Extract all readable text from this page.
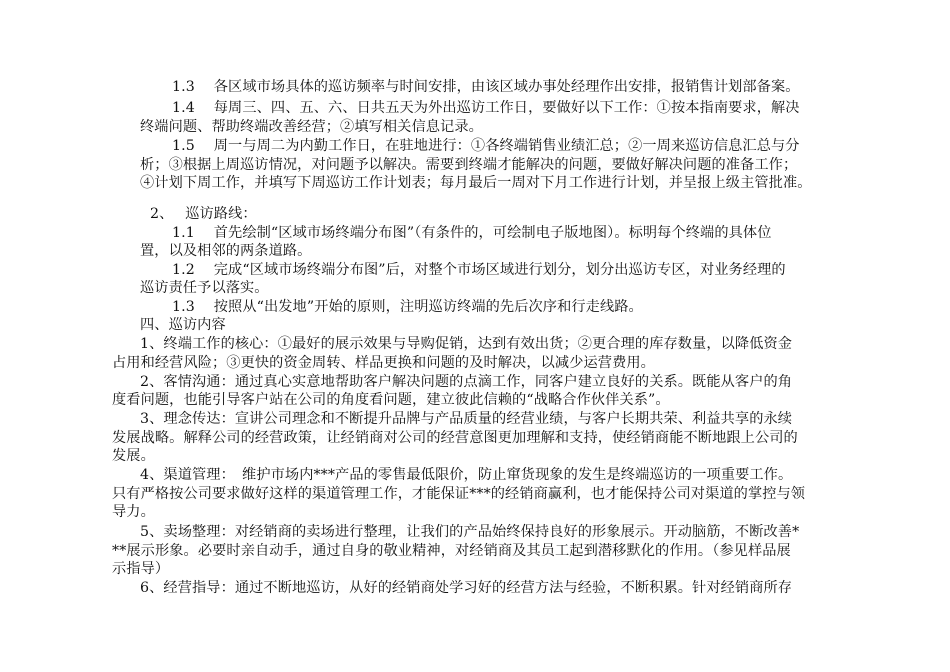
1.3　 各区域市场具体的巡访频率与时间安排，由该区域办事处经理作出安排，报销售计划部备案。
1.4　 每周三、四、五、六、日共五天为外出巡访工作日，要做好以下工作：①按本指南要求，解决
终端问题、帮助终端改善经营；②填写相关信息记录。
1.5　 周一与周二为内勤工作日，在驻地进行：①各终端销售业绩汇总；②一周来巡访信息汇总与分
析；③根据上周巡访情况，对问题予以解决。需要到终端才能解决的问题，要做好解决问题的准备工作；
④计划下周工作，并填写下周巡访工作计划表；每月最后一周对下月工作进行计划，并呈报上级主管批准。
2、　 巡访路线：
1.1　 首先绘制“区域市场终端分布图”（有条件的，可绘制电子版地图）。标明每个终端的具体位
置，以及相邻的两条道路。
1.2　 完成“区域市场终端分布图”后，对整个市场区域进行划分，划分出巡访专区，对业务经理的
巡访责任予以落实。
1.3　 按照从“出发地”开始的原则，注明巡访终端的先后次序和行走线路。
四、巡访内容
1、终端工作的核心：①最好的展示效果与导购促销，达到有效出货；②更合理的库存数量，以降低资金
占用和经营风险；③更快的资金周转、样品更换和问题的及时解决，以减少运营费用。
2、客情沟通：通过真心实意地帮助客户解决问题的点滴工作，同客户建立良好的关系。既能从客户的角
度看问题，也能引导客户站在公司的角度看问题，建立彼此信赖的“战略合作伙伴关系”。
3、理念传达：宣讲公司理念和不断提升品牌与产品质量的经营业绩，与客户长期共荣、利益共享的永续
发展战略。解释公司的经营政策，让经销商对公司的经营意图更加理解和支持，使经销商能不断地跟上公司的
发展。
4、渠道管理：　维护市场内***产品的零售最低限价，防止窜货现象的发生是终端巡访的一项重要工作。
只有严格按公司要求做好这样的渠道管理工作，才能保证***的经销商赢利，也才能保持公司对渠道的掌控与领
导力。
5、卖场整理：对经销商的卖场进行整理，让我们的产品始终保持良好的形象展示。开动脑筋，不断改善*
**展示形象。必要时亲自动手，通过自身的敬业精神，对经销商及其员工起到潜移默化的作用。（参见样品展
示指导）
6、经营指导：通过不断地巡访，从好的经销商处学习好的经营方法与经验，不断积累。针对经销商所存
